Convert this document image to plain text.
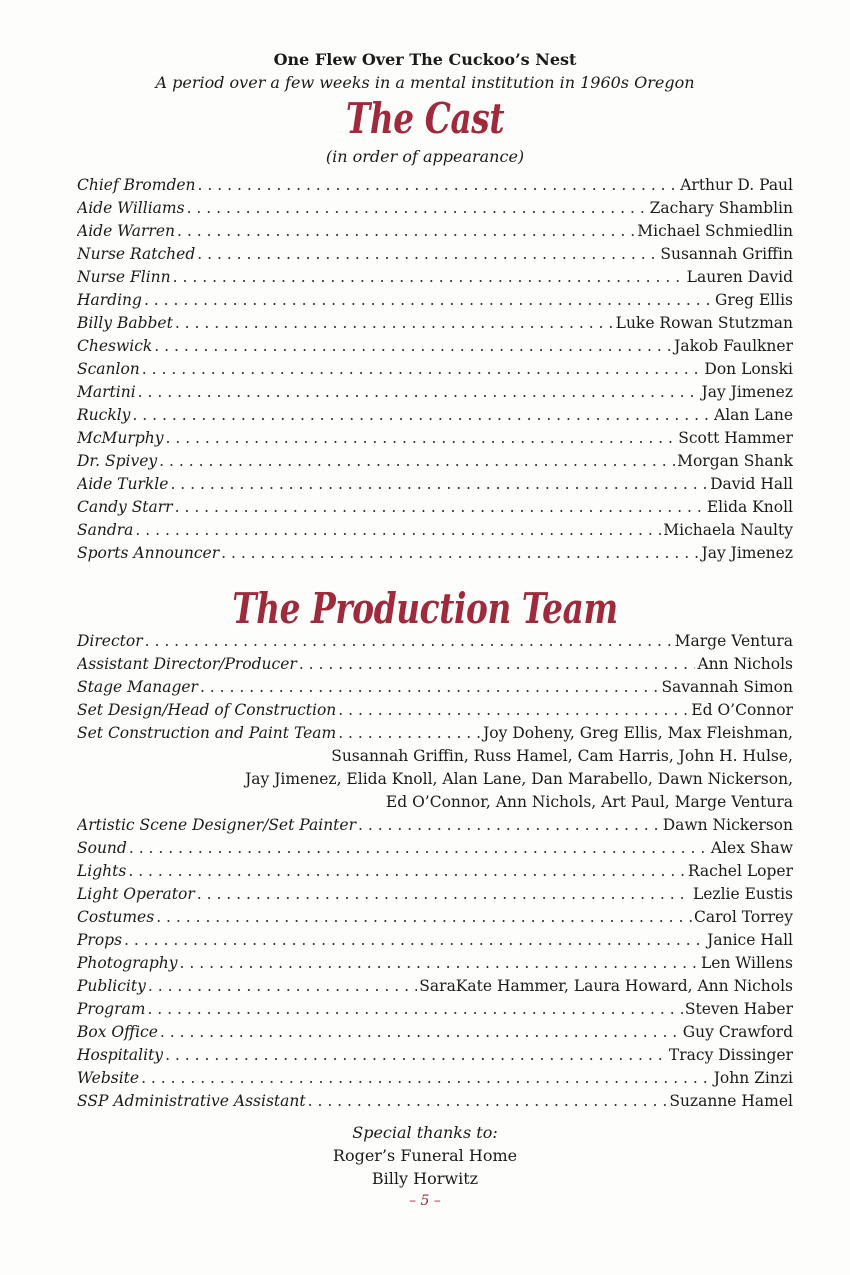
One Flew Over The Cuckoo’s Nest
A period over a few weeks in a mental institution in 1960s Oregon
The Cast
(in order of appearance)
Chief Bromden . . .	Arthur D. Paul
Aide Williams . . .	Zachary Shamblin
Aide Warren . . .	Michael Schmiedlin
Nurse Ratched . . .	Susannah Griffin
Nurse Flinn . . .	Lauren David
Harding . . .	Greg Ellis
Billy Babbet . . .	Luke Rowan Stutzman
Cheswick . . .	Jakob Faulkner
Scanlon . . .	Don Lonski
Martini . . .	Jay Jimenez
Ruckly . . .	Alan Lane
McMurphy . . .	Scott Hammer
Dr. Spivey . . .	Morgan Shank
Aide Turkle . . .	David Hall
Candy Starr . . .	Elida Knoll
Sandra . . .	Michaela Naulty
Sports Announcer . . .	Jay Jimenez
The Production Team
Director . . .	Marge Ventura
Assistant Director/Producer . . .	Ann Nichols
Stage Manager . . .	Savannah Simon
Set Design/Head of Construction . . .	Ed O’Connor
Set Construction and Paint Team . . .	Joy Doheny, Greg Ellis, Max Fleishman,
Susannah Griffin, Russ Hamel, Cam Harris, John H. Hulse,
Jay Jimenez, Elida Knoll, Alan Lane, Dan Marabello, Dawn Nickerson,
Ed O’Connor, Ann Nichols, Art Paul, Marge Ventura
Artistic Scene Designer/Set Painter . . .	Dawn Nickerson
Sound . . .	Alex Shaw
Lights . . .	Rachel Loper
Light Operator . . .	Lezlie Eustis
Costumes . . .	Carol Torrey
Props . . .	Janice Hall
Photography . . .	Len Willens
Publicity . . .	SaraKate Hammer, Laura Howard, Ann Nichols
Program . . .	Steven Haber
Box Office . . .	Guy Crawford
Hospitality . . .	Tracy Dissinger
Website . . .	John Zinzi
SSP Administrative Assistant . . .	Suzanne Hamel
Special thanks to:
Roger’s Funeral Home
Billy Horwitz
– 5 –
